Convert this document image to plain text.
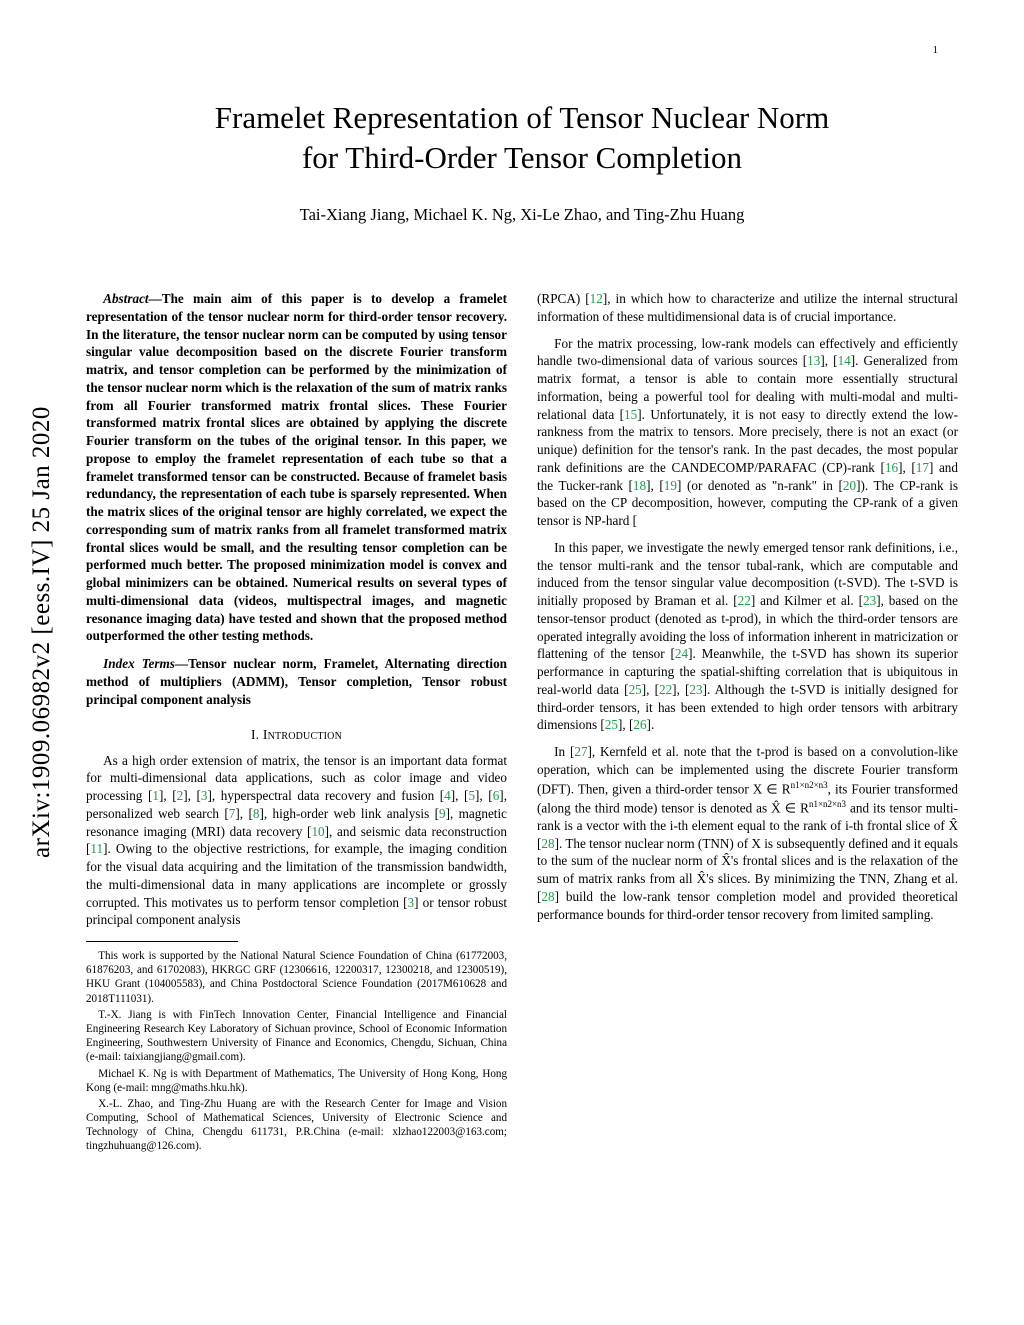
arXiv:1909.06982v2 [eess.IV] 25 Jan 2020
1
Framelet Representation of Tensor Nuclear Norm
for Third-Order Tensor Completion
Tai-Xiang Jiang, Michael K. Ng, Xi-Le Zhao, and Ting-Zhu Huang
Abstract—The main aim of this paper is to develop a framelet representation of the tensor nuclear norm for third-order tensor recovery. In the literature, the tensor nuclear norm can be computed by using tensor singular value decomposition based on the discrete Fourier transform matrix, and tensor completion can be performed by the minimization of the tensor nuclear norm which is the relaxation of the sum of matrix ranks from all Fourier transformed matrix frontal slices. These Fourier transformed matrix frontal slices are obtained by applying the discrete Fourier transform on the tubes of the original tensor. In this paper, we propose to employ the framelet representation of each tube so that a framelet transformed tensor can be constructed. Because of framelet basis redundancy, the representation of each tube is sparsely represented. When the matrix slices of the original tensor are highly correlated, we expect the corresponding sum of matrix ranks from all framelet transformed matrix frontal slices would be small, and the resulting tensor completion can be performed much better. The proposed minimization model is convex and global minimizers can be obtained. Numerical results on several types of multi-dimensional data (videos, multispectral images, and magnetic resonance imaging data) have tested and shown that the proposed method outperformed the other testing methods.
Index Terms—Tensor nuclear norm, Framelet, Alternating direction method of multipliers (ADMM), Tensor completion, Tensor robust principal component analysis
I. Introduction

As a high order extension of matrix, the tensor is an important data format for multi-dimensional data applications, such as color image and video processing [1], [2], [3], hyperspectral data recovery and fusion [4], [5], [6], personalized web search [7], [8], high-order web link analysis [9], magnetic resonance imaging (MRI) data recovery [10], and seismic data reconstruction [11]. Owing to the objective restrictions, for example, the imaging condition for the visual data acquiring and the limitation of the transmission bandwidth, the multi-dimensional data in many applications are incomplete or grossly corrupted. This motivates us to perform tensor completion [3] or tensor robust principal component analysis

This work is supported by the National Natural Science Foundation of China (61772003, 61876203, and 61702083), HKRGC GRF (12306616, 12200317, 12300218, and 12300519), HKU Grant (104005583), and China Postdoctoral Science Foundation (2017M610628 and 2018T111031).

T.-X. Jiang is with FinTech Innovation Center, Financial Intelligence and Financial Engineering Research Key Laboratory of Sichuan province, School of Economic Information Engineering, Southwestern University of Finance and Economics, Chengdu, Sichuan, China (e-mail: taixiangjiang@gmail.com).

Michael K. Ng is with Department of Mathematics, The University of Hong Kong, Hong Kong (e-mail: mng@maths.hku.hk).

X.-L. Zhao, and Ting-Zhu Huang are with the Research Center for Image and Vision Computing, School of Mathematical Sciences, University of Electronic Science and Technology of China, Chengdu 611731, P.R.China (e-mail: xlzhao122003@163.com; tingzhuhuang@126.com).

(RPCA) [12], in which how to characterize and utilize the internal structural information of these multidimensional data is of crucial importance.

For the matrix processing, low-rank models can effectively and efficiently handle two-dimensional data of various sources [13], [14]. Generalized from matrix format, a tensor is able to contain more essentially structural information, being a powerful tool for dealing with multi-modal and multi-relational data [15]. Unfortunately, it is not easy to directly extend the low-rankness from the matrix to tensors. More precisely, there is not an exact (or unique) definition for the tensor's rank. In the past decades, the most popular rank definitions are the CANDECOMP/PARAFAC (CP)-rank [16], [17] and the Tucker-rank [18], [19] (or denoted as "n-rank" in [20]). The CP-rank is based on the CP decomposition, however, computing the CP-rank of a given tensor is NP-hard [

In this paper, we investigate the newly emerged tensor rank definitions, i.e., the tensor multi-rank and the tensor tubal-rank, which are computable and induced from the tensor singular value decomposition (t-SVD). The t-SVD is initially proposed by Braman et al. [22] and Kilmer et al. [23], based on the tensor-tensor product (denoted as t-prod), in which the third-order tensors are operated integrally avoiding the loss of information inherent in matricization or flattening of the tensor [24]. Meanwhile, the t-SVD has shown its superior performance in capturing the spatial-shifting correlation that is ubiquitous in real-world data [25], [22], [23]. Although the t-SVD is initially designed for third-order tensors, it has been extended to high order tensors with arbitrary dimensions [25], [26].

In [27], Kernfeld et al. note that the t-prod is based on a convolution-like operation, which can be implemented using the discrete Fourier transform (DFT). Then, given a third-order tensor X ∈ $R^{n1\times n2\times n3}$, its Fourier transformed (along the third mode) tensor is denoted as X̂ ∈ $R^{n1\times n2\times n3}$ and its tensor multi-rank is a vector with the i-th element equal to the rank of i-th frontal slice of X̂ [28]. The tensor nuclear norm (TNN) of X is subsequently defined and it equals to the sum of the nuclear norm of X̂'s frontal slices and is the relaxation of the sum of matrix ranks from all X̂'s slices. By minimizing the TNN, Zhang et al. [28] build the low-rank tensor completion model and provided theoretical performance bounds for third-order tensor recovery from limited sampling.
